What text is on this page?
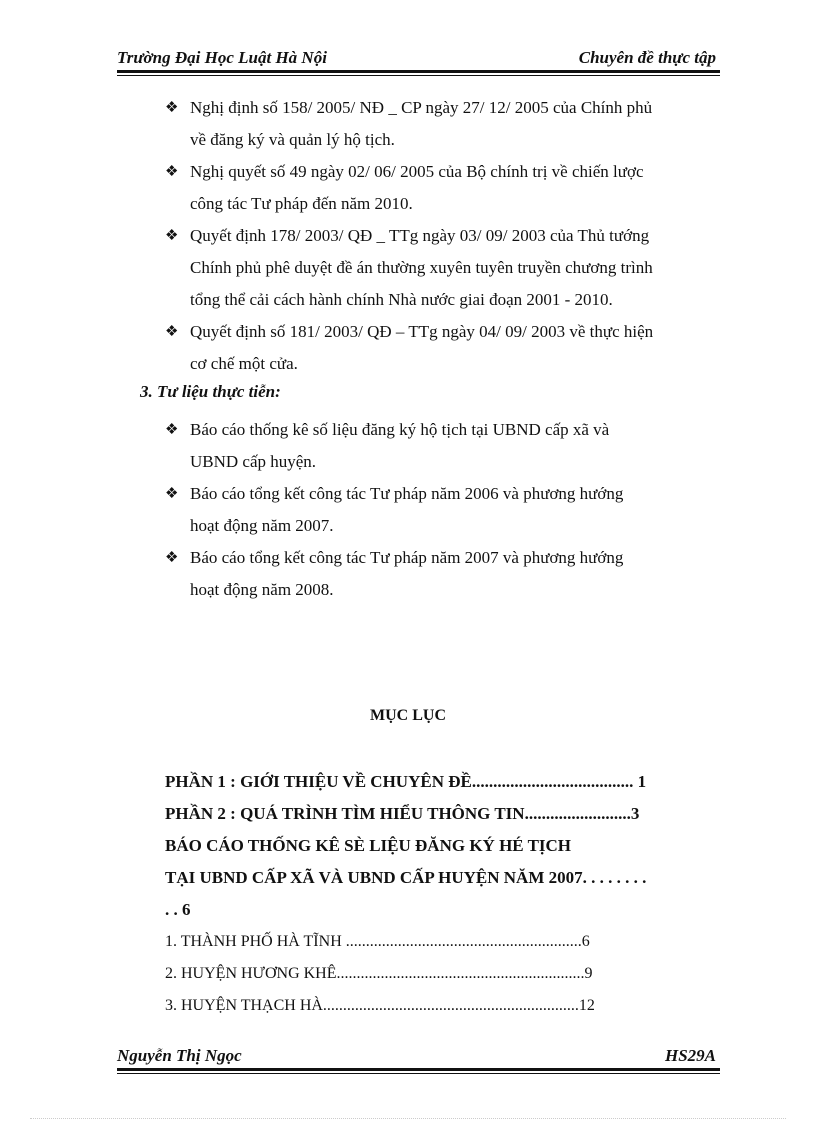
Trường Đại Học Luật Hà Nội	Chuyên đề thực tập
❖ Nghị định số 158/ 2005/ NĐ _ CP ngày 27/ 12/ 2005 của Chính phủ
về đăng ký và quản lý hộ tịch.
❖ Nghị quyết số 49 ngày 02/ 06/ 2005 của Bộ chính trị về chiến lược
công tác Tư pháp đến năm 2010.
❖ Quyết định 178/ 2003/ QĐ _ TTg ngày 03/ 09/ 2003 của Thủ tướng
Chính phủ phê duyệt đề án thường xuyên tuyên truyền chương trình
tổng thể cải cách hành chính Nhà nước giai đoạn 2001 - 2010.
❖ Quyết định số 181/ 2003/ QĐ – TTg ngày 04/ 09/ 2003 về thực hiện
cơ chế một cửa.
3. Tư liệu thực tiễn:
❖ Báo cáo thống kê số liệu đăng ký hộ tịch tại UBND cấp xã và
UBND cấp huyện.
❖ Báo cáo tổng kết công tác Tư pháp năm 2006 và phương hướng
hoạt động năm 2007.
❖ Báo cáo tổng kết công tác Tư pháp năm 2007 và phương hướng
hoạt động năm 2008.
MỤC LỤC
PHẦN 1 : GIỚI THIỆU VỀ CHUYÊN ĐỀ...................................... 1
PHẦN 2 : QUÁ TRÌNH TÌM HIỂU THÔNG TIN.........................3
BÁO CÁO THỐNG KÊ SÈ LIỆU ĐĂNG KÝ HÉ TỊCH
TẠI UBND CẤP XÃ VÀ UBND CẤP HUYỆN NĂM 2007. . . . . . . .
. . 6
1. THÀNH PHỐ HÀ TĨNH ...........................................................6
2. HUYỆN HƯƠNG KHÊ..............................................................9
3. HUYỆN THẠCH HÀ................................................................12
Nguyễn Thị Ngọc	HS29A
